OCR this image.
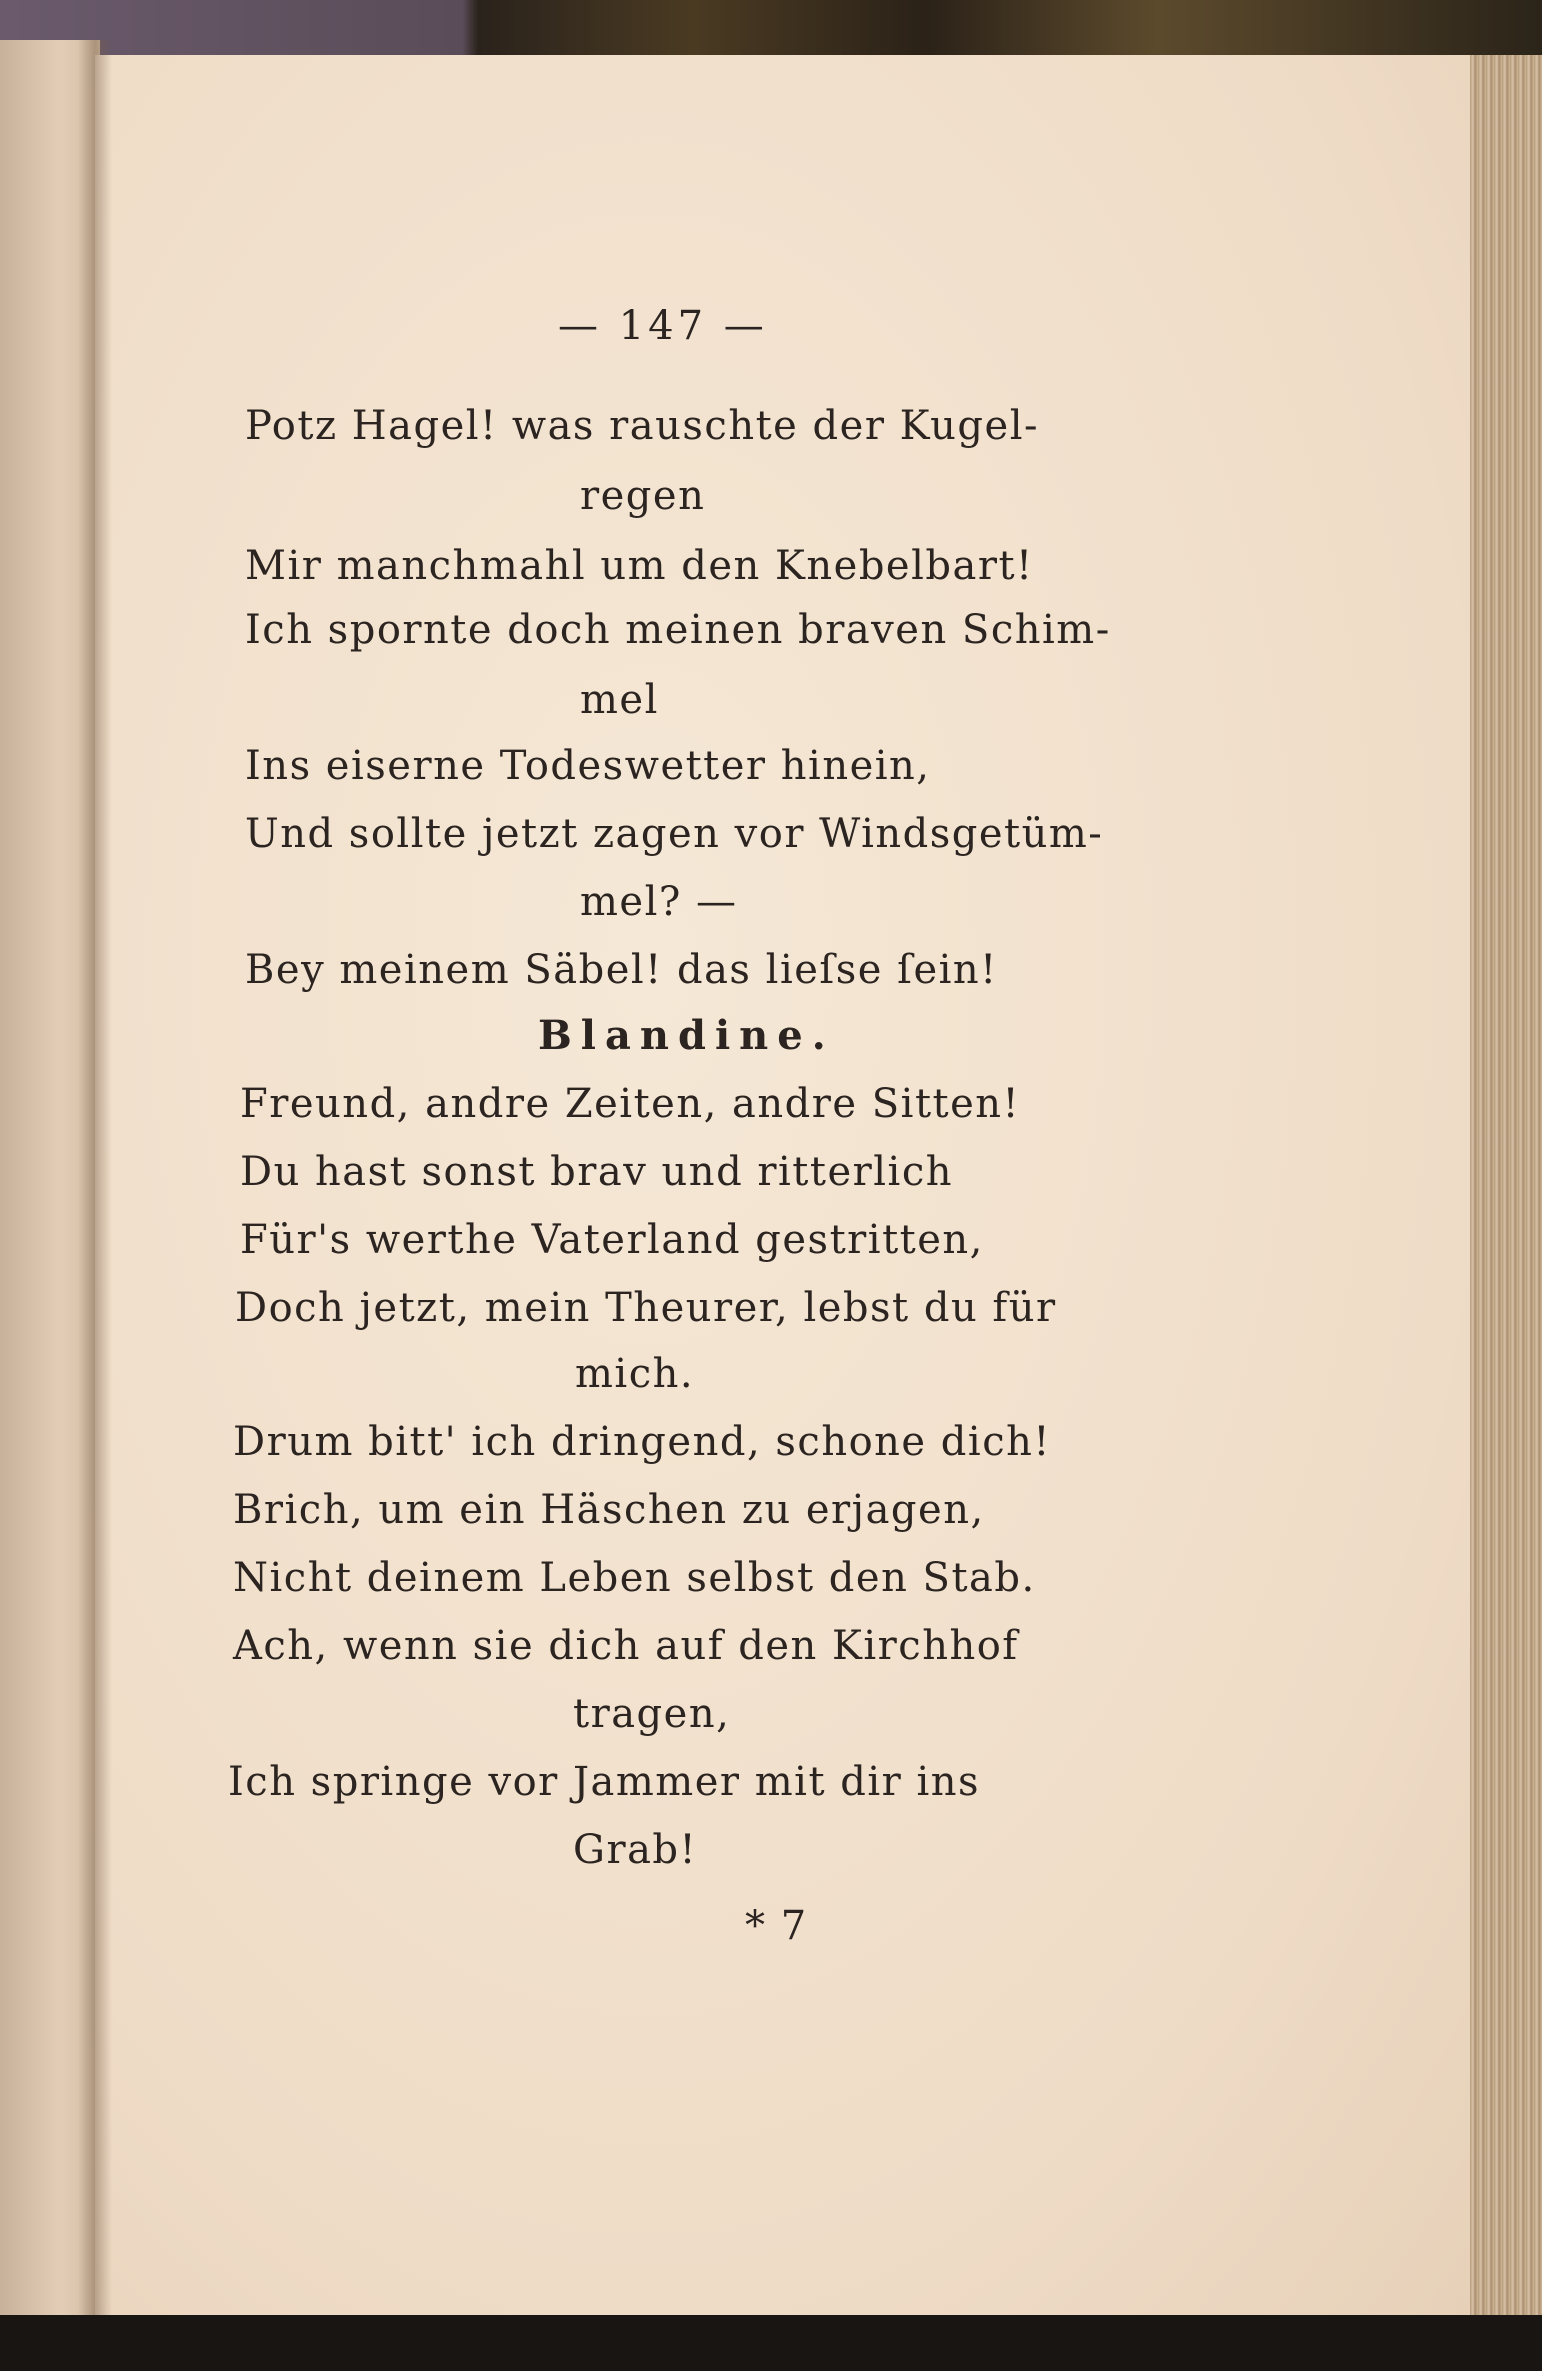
— 147 —
Potz Hagel! was rauschte der Kugel-
regen
Mir manchmahl um den Knebelbart!
Ich spornte doch meinen braven Schim-
mel
Ins eiserne Todeswetter hinein,
Und sollte jetzt zagen vor Windsgetüm-
mel? —
Bey meinem Säbel! das lieſse ſein!
Blandine.
Freund, andre Zeiten, andre Sitten!
Du hast sonst brav und ritterlich
Für's werthe Vaterland gestritten,
Doch jetzt, mein Theurer, lebst du für
mich.
Drum bitt' ich dringend, schone dich!
Brich, um ein Häschen zu erjagen,
Nicht deinem Leben selbst den Stab.
Ach, wenn sie dich auf den Kirchhof
tragen,
Ich springe vor Jammer mit dir ins
Grab!
* 7
